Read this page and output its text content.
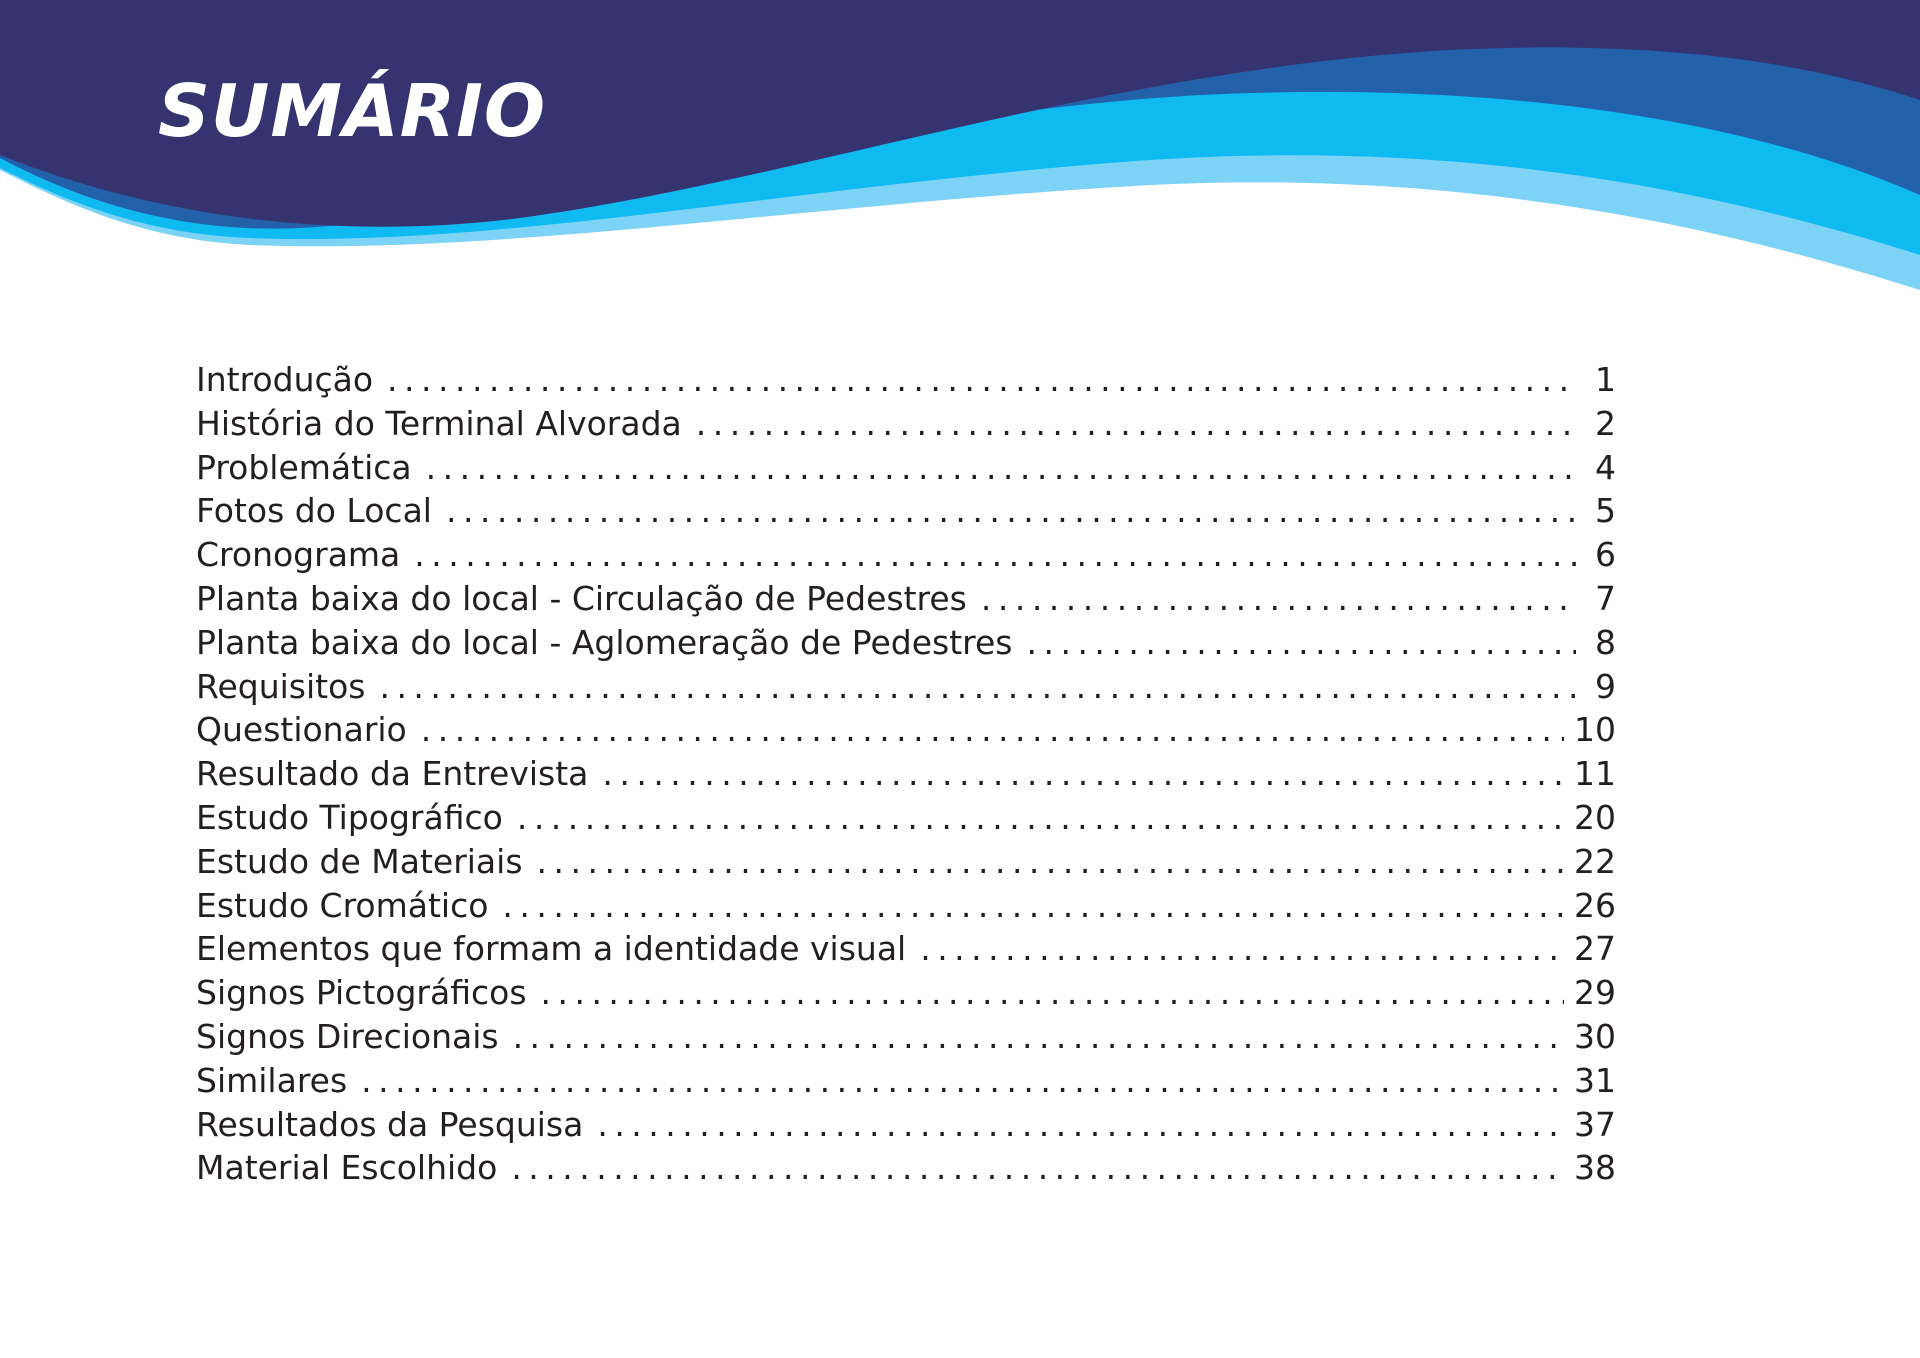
SUMÁRIO
Introdução . . .	1
História do Terminal Alvorada . . .	2
Problemática . . .	4
Fotos do Local . . .	5
Cronograma . . .	6
Planta baixa do local - Circulação de Pedestres . . .	7
Planta baixa do local - Aglomeração de Pedestres . . .	8
Requisitos . . .	9
Questionario . . .	10
Resultado da Entrevista . . .	11
Estudo Tipográfico . . .	20
Estudo de Materiais . . .	22
Estudo Cromático . . .	26
Elementos que formam a identidade visual . . .	27
Signos Pictográficos . . .	29
Signos Direcionais . . .	30
Similares . . .	31
Resultados da Pesquisa . . .	37
Material Escolhido . . .	38
